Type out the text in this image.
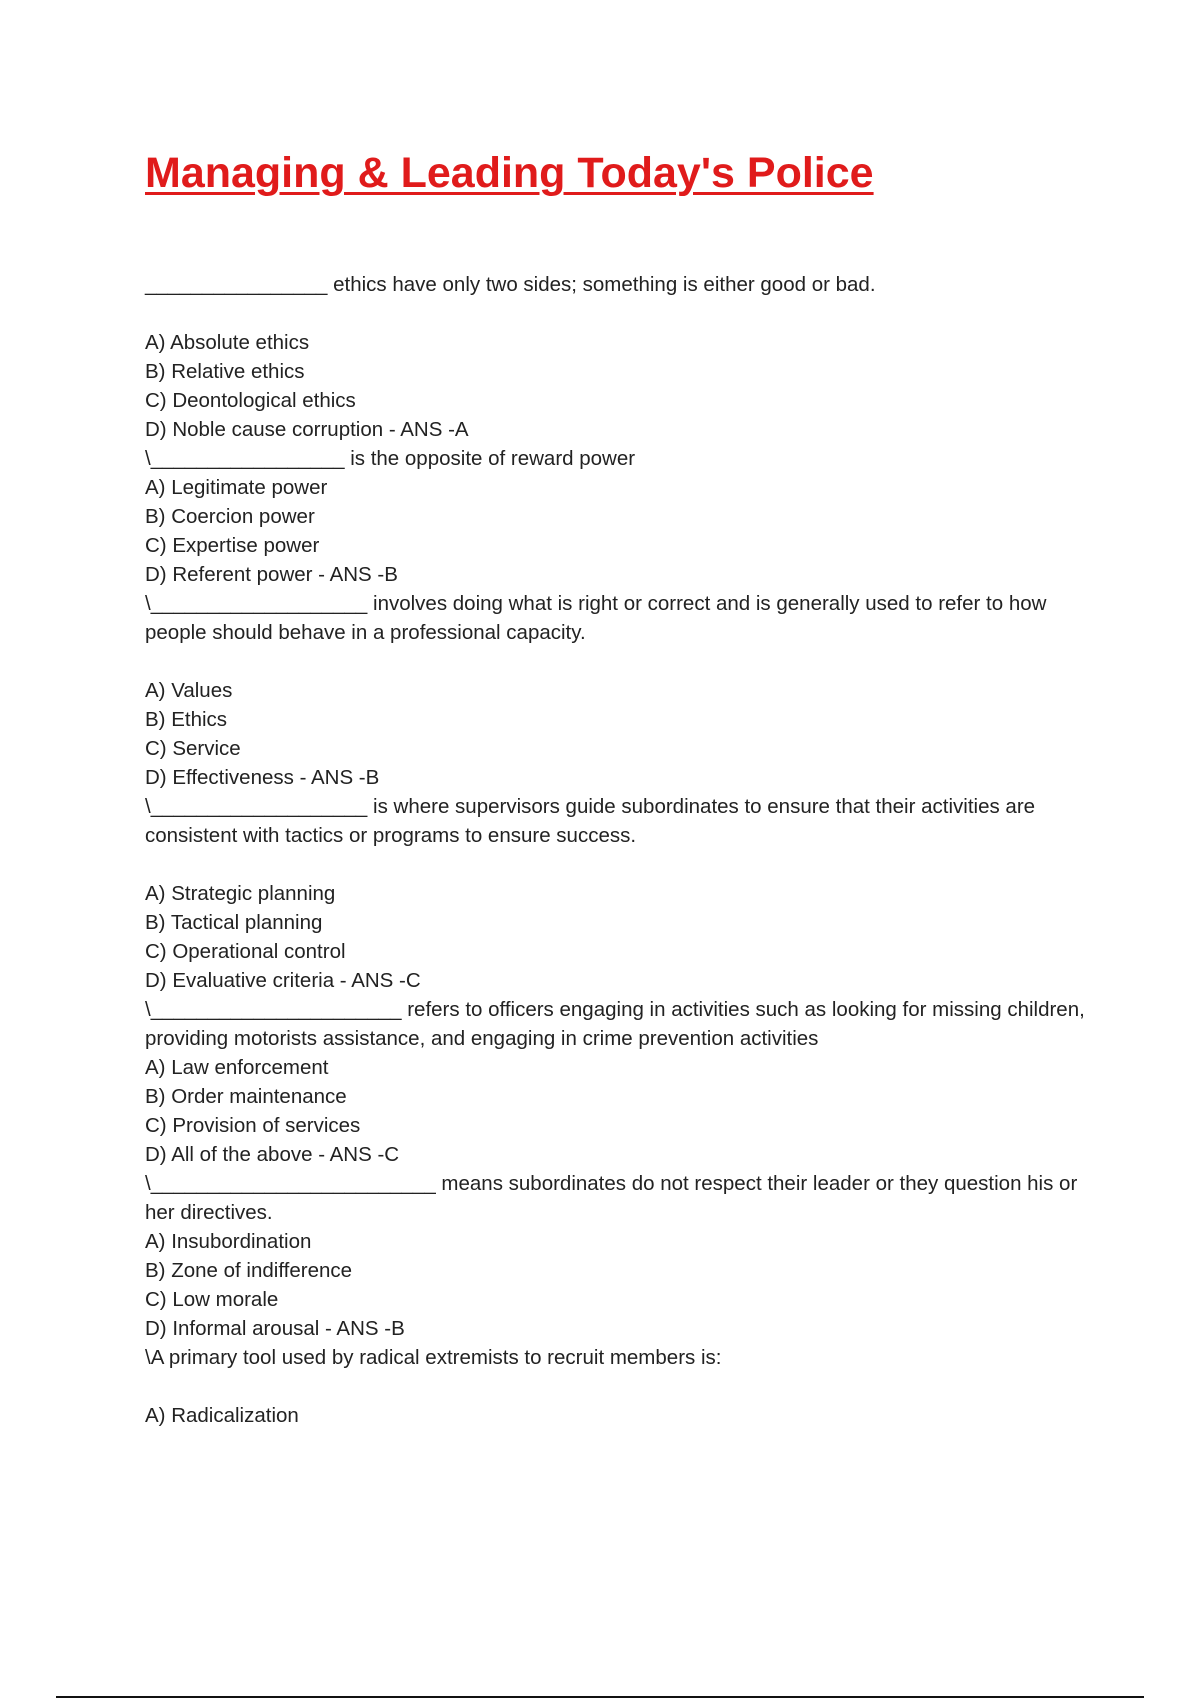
Managing & Leading Today's Police

________________ ethics have only two sides; something is either good or bad.

A) Absolute ethics

B) Relative ethics

C) Deontological ethics

D) Noble cause corruption - ANS -A

\_________________ is the opposite of reward power

A) Legitimate power

B) Coercion power

C) Expertise power

D) Referent power - ANS -B

\___________________ involves doing what is right or correct and is generally used to refer to how people should behave in a professional capacity.

A) Values

B) Ethics

C) Service

D) Effectiveness - ANS -B

\___________________ is where supervisors guide subordinates to ensure that their activities are consistent with tactics or programs to ensure success.

A) Strategic planning

B) Tactical planning

C) Operational control

D) Evaluative criteria - ANS -C

\______________________ refers to officers engaging in activities such as looking for missing children, providing motorists assistance, and engaging in crime prevention activities

A) Law enforcement

B) Order maintenance

C) Provision of services

D) All of the above - ANS -C

\_________________________ means subordinates do not respect their leader or they question his or her directives.

A) Insubordination

B) Zone of indifference

C) Low morale

D) Informal arousal - ANS -B

\A primary tool used by radical extremists to recruit members is:

A) Radicalization
